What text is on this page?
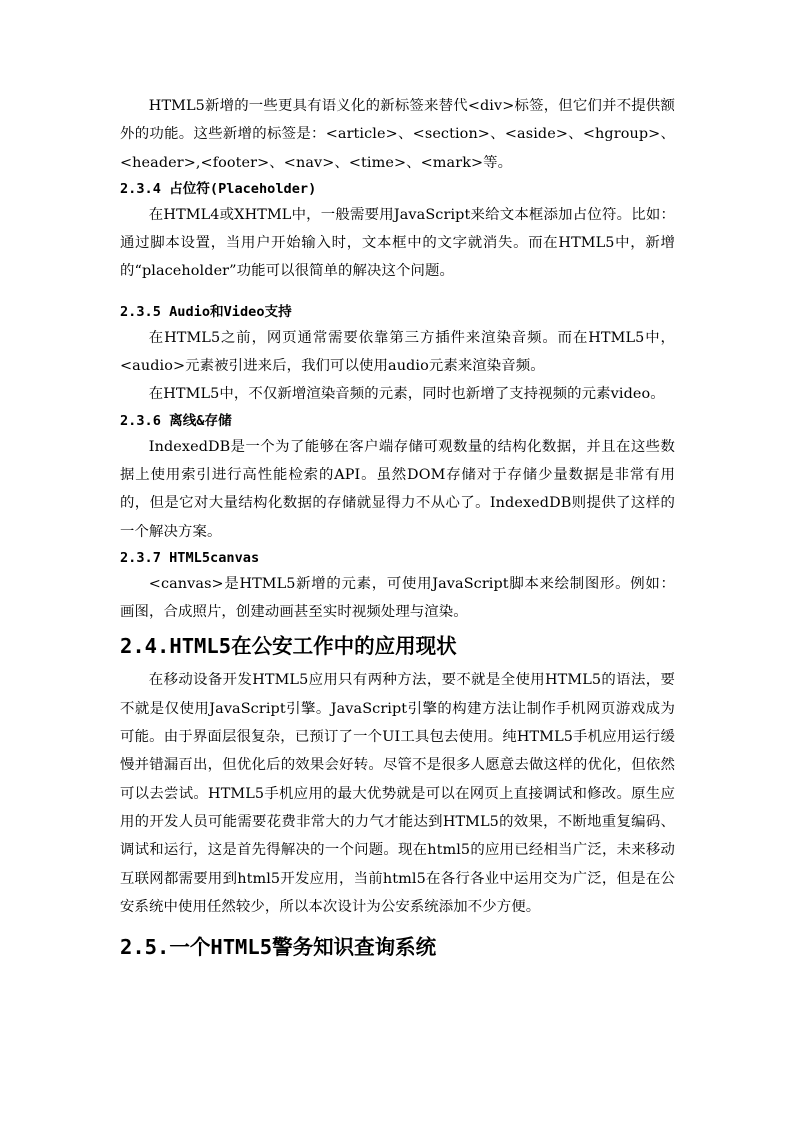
HTML5新增的一些更具有语义化的新标签来替代<div>标签，但它们并不提供额外的功能。这些新增的标签是：<article>、<section>、<aside>、<hgroup>、<header>,<footer>、<nav>、<time>、<mark>等。

2.3.4 占位符(Placeholder)

在HTML4或XHTML中，一般需要用JavaScript来给文本框添加占位符。比如：通过脚本设置，当用户开始输入时，文本框中的文字就消失。而在HTML5中，新增的“placeholder”功能可以很简单的解决这个问题。

2.3.5 Audio和Video支持

在HTML5之前，网页通常需要依靠第三方插件来渲染音频。而在HTML5中，<audio>元素被引进来后，我们可以使用audio元素来渲染音频。

在HTML5中，不仅新增渲染音频的元素，同时也新增了支持视频的元素video。

2.3.6 离线&存储

IndexedDB是一个为了能够在客户端存储可观数量的结构化数据，并且在这些数据上使用索引进行高性能检索的API。虽然DOM存储对于存储少量数据是非常有用的，但是它对大量结构化数据的存储就显得力不从心了。IndexedDB则提供了这样的一个解决方案。

2.3.7 HTML5canvas

<canvas>是HTML5新增的元素，可使用JavaScript脚本来绘制图形。例如：画图，合成照片，创建动画甚至实时视频处理与渲染。

2.4.HTML5在公安工作中的应用现状

在移动设备开发HTML5应用只有两种方法，要不就是全使用HTML5的语法，要不就是仅使用JavaScript引擎。JavaScript引擎的构建方法让制作手机网页游戏成为可能。由于界面层很复杂，已预订了一个UI工具包去使用。纯HTML5手机应用运行缓慢并错漏百出，但优化后的效果会好转。尽管不是很多人愿意去做这样的优化，但依然可以去尝试。HTML5手机应用的最大优势就是可以在网页上直接调试和修改。原生应用的开发人员可能需要花费非常大的力气才能达到HTML5的效果，不断地重复编码、调试和运行，这是首先得解决的一个问题。现在html5的应用已经相当广泛，未来移动互联网都需要用到html5开发应用，当前html5在各行各业中运用交为广泛，但是在公安系统中使用任然较少，所以本次设计为公安系统添加不少方便。

2.5.一个HTML5警务知识查询系统
